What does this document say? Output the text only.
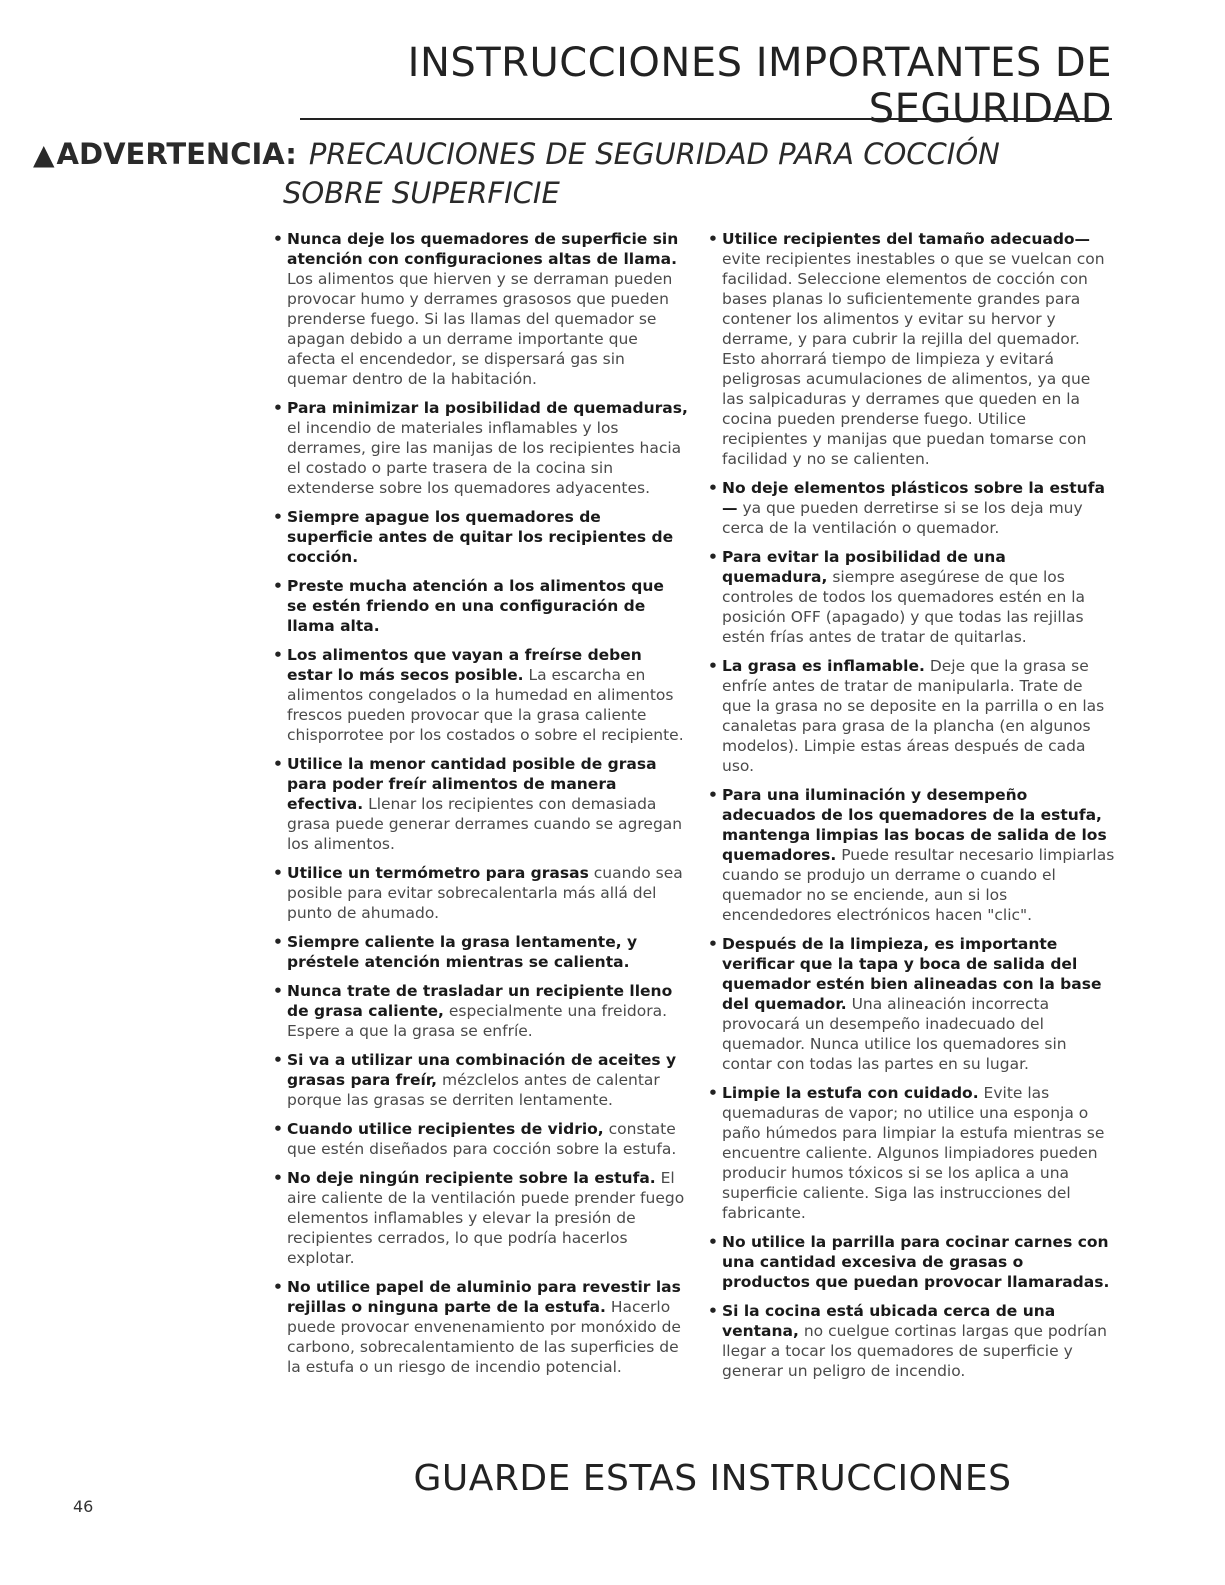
INSTRUCCIONES IMPORTANTES DE SEGURIDAD
▲ADVERTENCIA: PRECAUCIONES DE SEGURIDAD PARA COCCIÓN
SOBRE SUPERFICIE
• Nunca deje los quemadores de superficie sin atención con configuraciones altas de llama. Los alimentos que hierven y se derraman pueden provocar humo y derrames grasosos que pueden prenderse fuego. Si las llamas del quemador se apagan debido a un derrame importante que afecta el encendedor, se dispersará gas sin quemar dentro de la habitación.
• Para minimizar la posibilidad de quemaduras, el incendio de materiales inflamables y los derrames, gire las manijas de los recipientes hacia el costado o parte trasera de la cocina sin extenderse sobre los quemadores adyacentes.
• Siempre apague los quemadores de superficie antes de quitar los recipientes de cocción.
• Preste mucha atención a los alimentos que se estén friendo en una configuración de llama alta.
• Los alimentos que vayan a freírse deben estar lo más secos posible. La escarcha en alimentos congelados o la humedad en alimentos frescos pueden provocar que la grasa caliente chisporrotee por los costados o sobre el recipiente.
• Utilice la menor cantidad posible de grasa para poder freír alimentos de manera efectiva. Llenar los recipientes con demasiada grasa puede generar derrames cuando se agregan los alimentos.
• Utilice un termómetro para grasas cuando sea posible para evitar sobrecalentarla más allá del punto de ahumado.
• Siempre caliente la grasa lentamente, y préstele atención mientras se calienta.
• Nunca trate de trasladar un recipiente lleno de grasa caliente, especialmente una freidora. Espere a que la grasa se enfríe.
• Si va a utilizar una combinación de aceites y grasas para freír, mézclelos antes de calentar porque las grasas se derriten lentamente.
• Cuando utilice recipientes de vidrio, constate que estén diseñados para cocción sobre la estufa.
• No deje ningún recipiente sobre la estufa. El aire caliente de la ventilación puede prender fuego elementos inflamables y elevar la presión de recipientes cerrados, lo que podría hacerlos explotar.
• No utilice papel de aluminio para revestir las rejillas o ninguna parte de la estufa. Hacerlo puede provocar envenenamiento por monóxido de carbono, sobrecalentamiento de las superficies de la estufa o un riesgo de incendio potencial.
• Utilice recipientes del tamaño adecuado— evite recipientes inestables o que se vuelcan con facilidad. Seleccione elementos de cocción con bases planas lo suficientemente grandes para contener los alimentos y evitar su hervor y derrame, y para cubrir la rejilla del quemador. Esto ahorrará tiempo de limpieza y evitará peligrosas acumulaciones de alimentos, ya que las salpicaduras y derrames que queden en la cocina pueden prenderse fuego. Utilice recipientes y manijas que puedan tomarse con facilidad y no se calienten.
• No deje elementos plásticos sobre la estufa— ya que pueden derretirse si se los deja muy cerca de la ventilación o quemador.
• Para evitar la posibilidad de una quemadura, siempre asegúrese de que los controles de todos los quemadores estén en la posición OFF (apagado) y que todas las rejillas estén frías antes de tratar de quitarlas.
• La grasa es inflamable. Deje que la grasa se enfríe antes de tratar de manipularla. Trate de que la grasa no se deposite en la parrilla o en las canaletas para grasa de la plancha (en algunos modelos). Limpie estas áreas después de cada uso.
• Para una iluminación y desempeño adecuados de los quemadores de la estufa, mantenga limpias las bocas de salida de los quemadores. Puede resultar necesario limpiarlas cuando se produjo un derrame o cuando el quemador no se enciende, aun si los encendedores electrónicos hacen "clic".
• Después de la limpieza, es importante verificar que la tapa y boca de salida del quemador estén bien alineadas con la base del quemador. Una alineación incorrecta provocará un desempeño inadecuado del quemador. Nunca utilice los quemadores sin contar con todas las partes en su lugar.
• Limpie la estufa con cuidado. Evite las quemaduras de vapor; no utilice una esponja o paño húmedos para limpiar la estufa mientras se encuentre caliente. Algunos limpiadores pueden producir humos tóxicos si se los aplica a una superficie caliente. Siga las instrucciones del fabricante.
• No utilice la parrilla para cocinar carnes con una cantidad excesiva de grasas o productos que puedan provocar llamaradas.
• Si la cocina está ubicada cerca de una ventana, no cuelgue cortinas largas que podrían llegar a tocar los quemadores de superficie y generar un peligro de incendio.
GUARDE ESTAS INSTRUCCIONES
46
